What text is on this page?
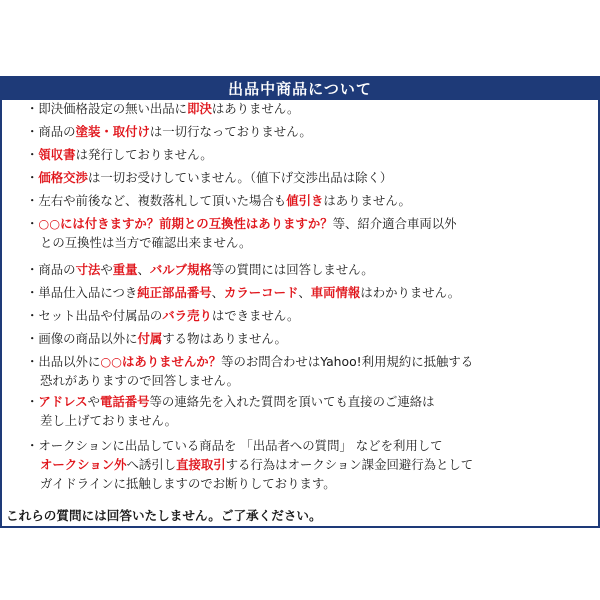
出品中商品について
・即決価格設定の無い出品に即決はありません。
・商品の塗装・取付けは一切行なっておりません。
・領収書は発行しておりません。
・価格交渉は一切お受けしていません。（値下げ交渉出品は除く）
・左右や前後など、複数落札して頂いた場合も値引きはありません。
・○○には付きますか？前期との互換性はありますか？等、紹介適合車両以外
との互換性は当方で確認出来ません。
・商品の寸法や重量、バルブ規格等の質問には回答しません。
・単品仕入品につき純正部品番号、カラーコード、車両情報はわかりません。
・セット出品や付属品のバラ売りはできません。
・画像の商品以外に付属する物はありません。
・出品以外に○○はありませんか？等のお問合わせはYahoo!利用規約に抵触する
恐れがありますので回答しません。
・アドレスや電話番号等の連絡先を入れた質問を頂いても直接のご連絡は
差し上げておりません。
・オークションに出品している商品を 「出品者への質問」 などを利用して
オークション外へ誘引し直接取引する行為はオークション課金回避行為として
ガイドラインに抵触しますのでお断りしております。
これらの質問には回答いたしません。ご了承ください。
